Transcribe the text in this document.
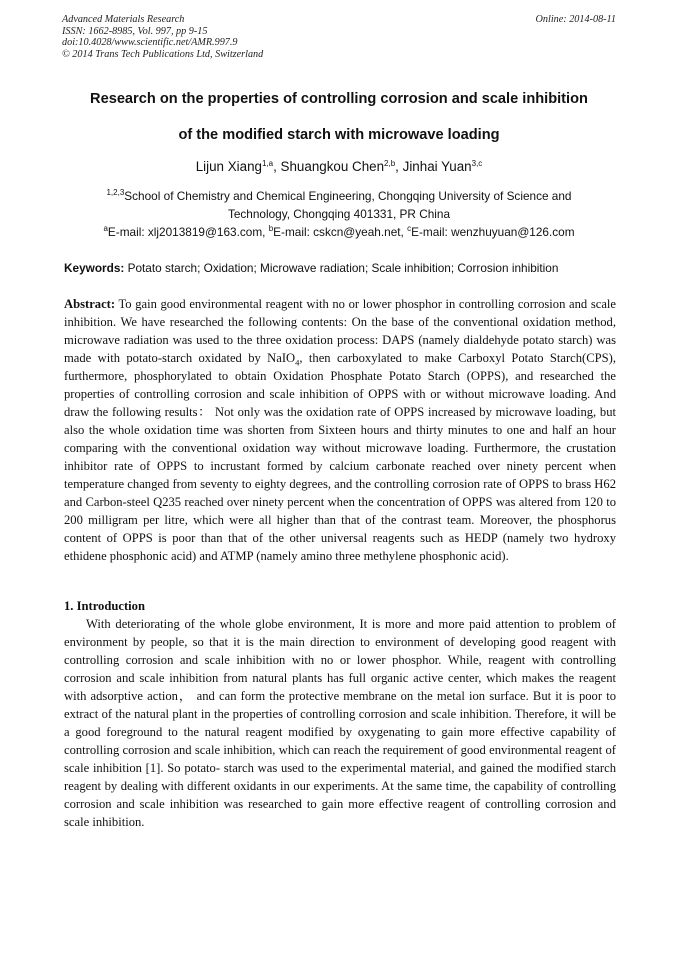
Advanced Materials Research
ISSN: 1662-8985, Vol. 997, pp 9-15
doi:10.4028/www.scientific.net/AMR.997.9
© 2014 Trans Tech Publications Ltd, Switzerland
Online: 2014-08-11
Research on the properties of controlling corrosion and scale inhibition
of the modified starch with microwave loading
Lijun Xiang$^{1,a}$, Shuangkou Chen$^{2,b}$, Jinhai Yuan$^{3,c}$
$^{1,2,3}$School of Chemistry and Chemical Engineering, Chongqing University of Science and
Technology, Chongqing 401331, PR China
$^a$E-mail: xlj2013819@163.com, $^b$E-mail: cskcn@yeah.net, $^c$E-mail: wenzhuyuan@126.com
Keywords: Potato starch; Oxidation; Microwave radiation; Scale inhibition; Corrosion inhibition
Abstract: To gain good environmental reagent with no or lower phosphor in controlling corrosion and scale inhibition. We have researched the following contents: On the base of the conventional oxidation method, microwave radiation was used to the three oxidation process: DAPS (namely dialdehyde potato starch) was made with potato-starch oxidated by NaIO$_4$, then carboxylated to make Carboxyl Potato Starch(CPS), furthermore, phosphorylated to obtain Oxidation Phosphate Potato Starch (OPPS), and researched the properties of controlling corrosion and scale inhibition of OPPS with or without microwave loading. And draw the following results： Not only was the oxidation rate of OPPS increased by microwave loading, but also the whole oxidation time was shorten from Sixteen hours and thirty minutes to one and half an hour comparing with the conventional oxidation way without microwave loading. Furthermore, the crustation inhibitor rate of OPPS to incrustant formed by calcium carbonate reached over ninety percent when temperature changed from seventy to eighty degrees, and the controlling corrosion rate of OPPS to brass H62 and Carbon-steel Q235 reached over ninety percent when the concentration of OPPS was altered from 120 to 200 milligram per litre, which were all higher than that of the contrast team. Moreover, the phosphorus content of OPPS is poor than that of the other universal reagents such as HEDP (namely two hydroxy ethidene phosphonic acid) and ATMP (namely amino three methylene phosphonic acid).
1. Introduction
With deteriorating of the whole globe environment, It is more and more paid attention to problem of environment by people, so that it is the main direction to environment of developing good reagent with controlling corrosion and scale inhibition with no or lower phosphor. While, reagent with controlling corrosion and scale inhibition from natural plants has full organic active center, which makes the reagent with adsorptive action， and can form the protective membrane on the metal ion surface. But it is poor to extract of the natural plant in the properties of controlling corrosion and scale inhibition. Therefore, it will be a good foreground to the natural reagent modified by oxygenating to gain more effective capability of controlling corrosion and scale inhibition, which can reach the requirement of good environmental reagent of scale inhibition [1]. So potato- starch was used to the experimental material, and gained the modified starch reagent by dealing with different oxidants in our experiments. At the same time, the capability of controlling corrosion and scale inhibition was researched to gain more effective reagent of controlling corrosion and scale inhibition.
